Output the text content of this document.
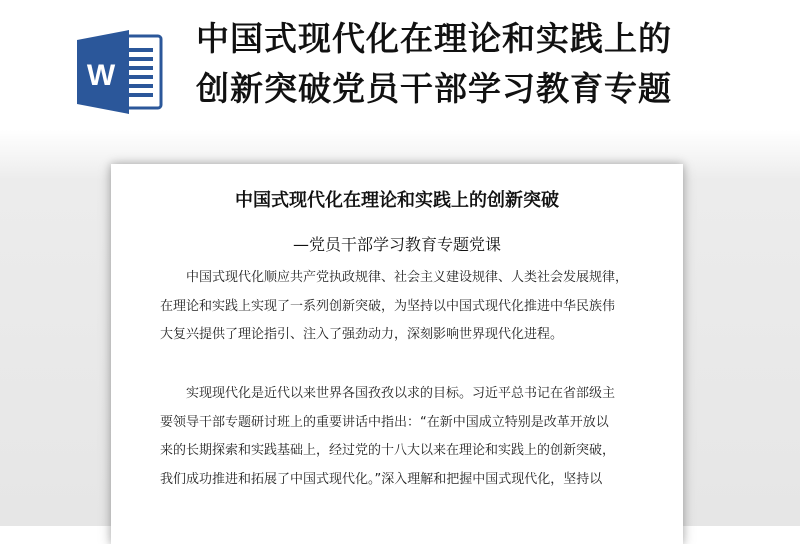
W
中国式现代化在理论和实践上的
创新突破党员干部学习教育专题
中国式现代化在理论和实践上的创新突破
—党员干部学习教育专题党课
中国式现代化顺应共产党执政规律、社会主义建设规律、人类社会发展规律，
在理论和实践上实现了一系列创新突破，为坚持以中国式现代化推进中华民族伟
大复兴提供了理论指引、注入了强劲动力，深刻影响世界现代化进程。
实现现代化是近代以来世界各国孜孜以求的目标。习近平总书记在省部级主
要领导干部专题研讨班上的重要讲话中指出：“在新中国成立特别是改革开放以
来的长期探索和实践基础上，经过党的十八大以来在理论和实践上的创新突破，
我们成功推进和拓展了中国式现代化。”深入理解和把握中国式现代化，坚持以
